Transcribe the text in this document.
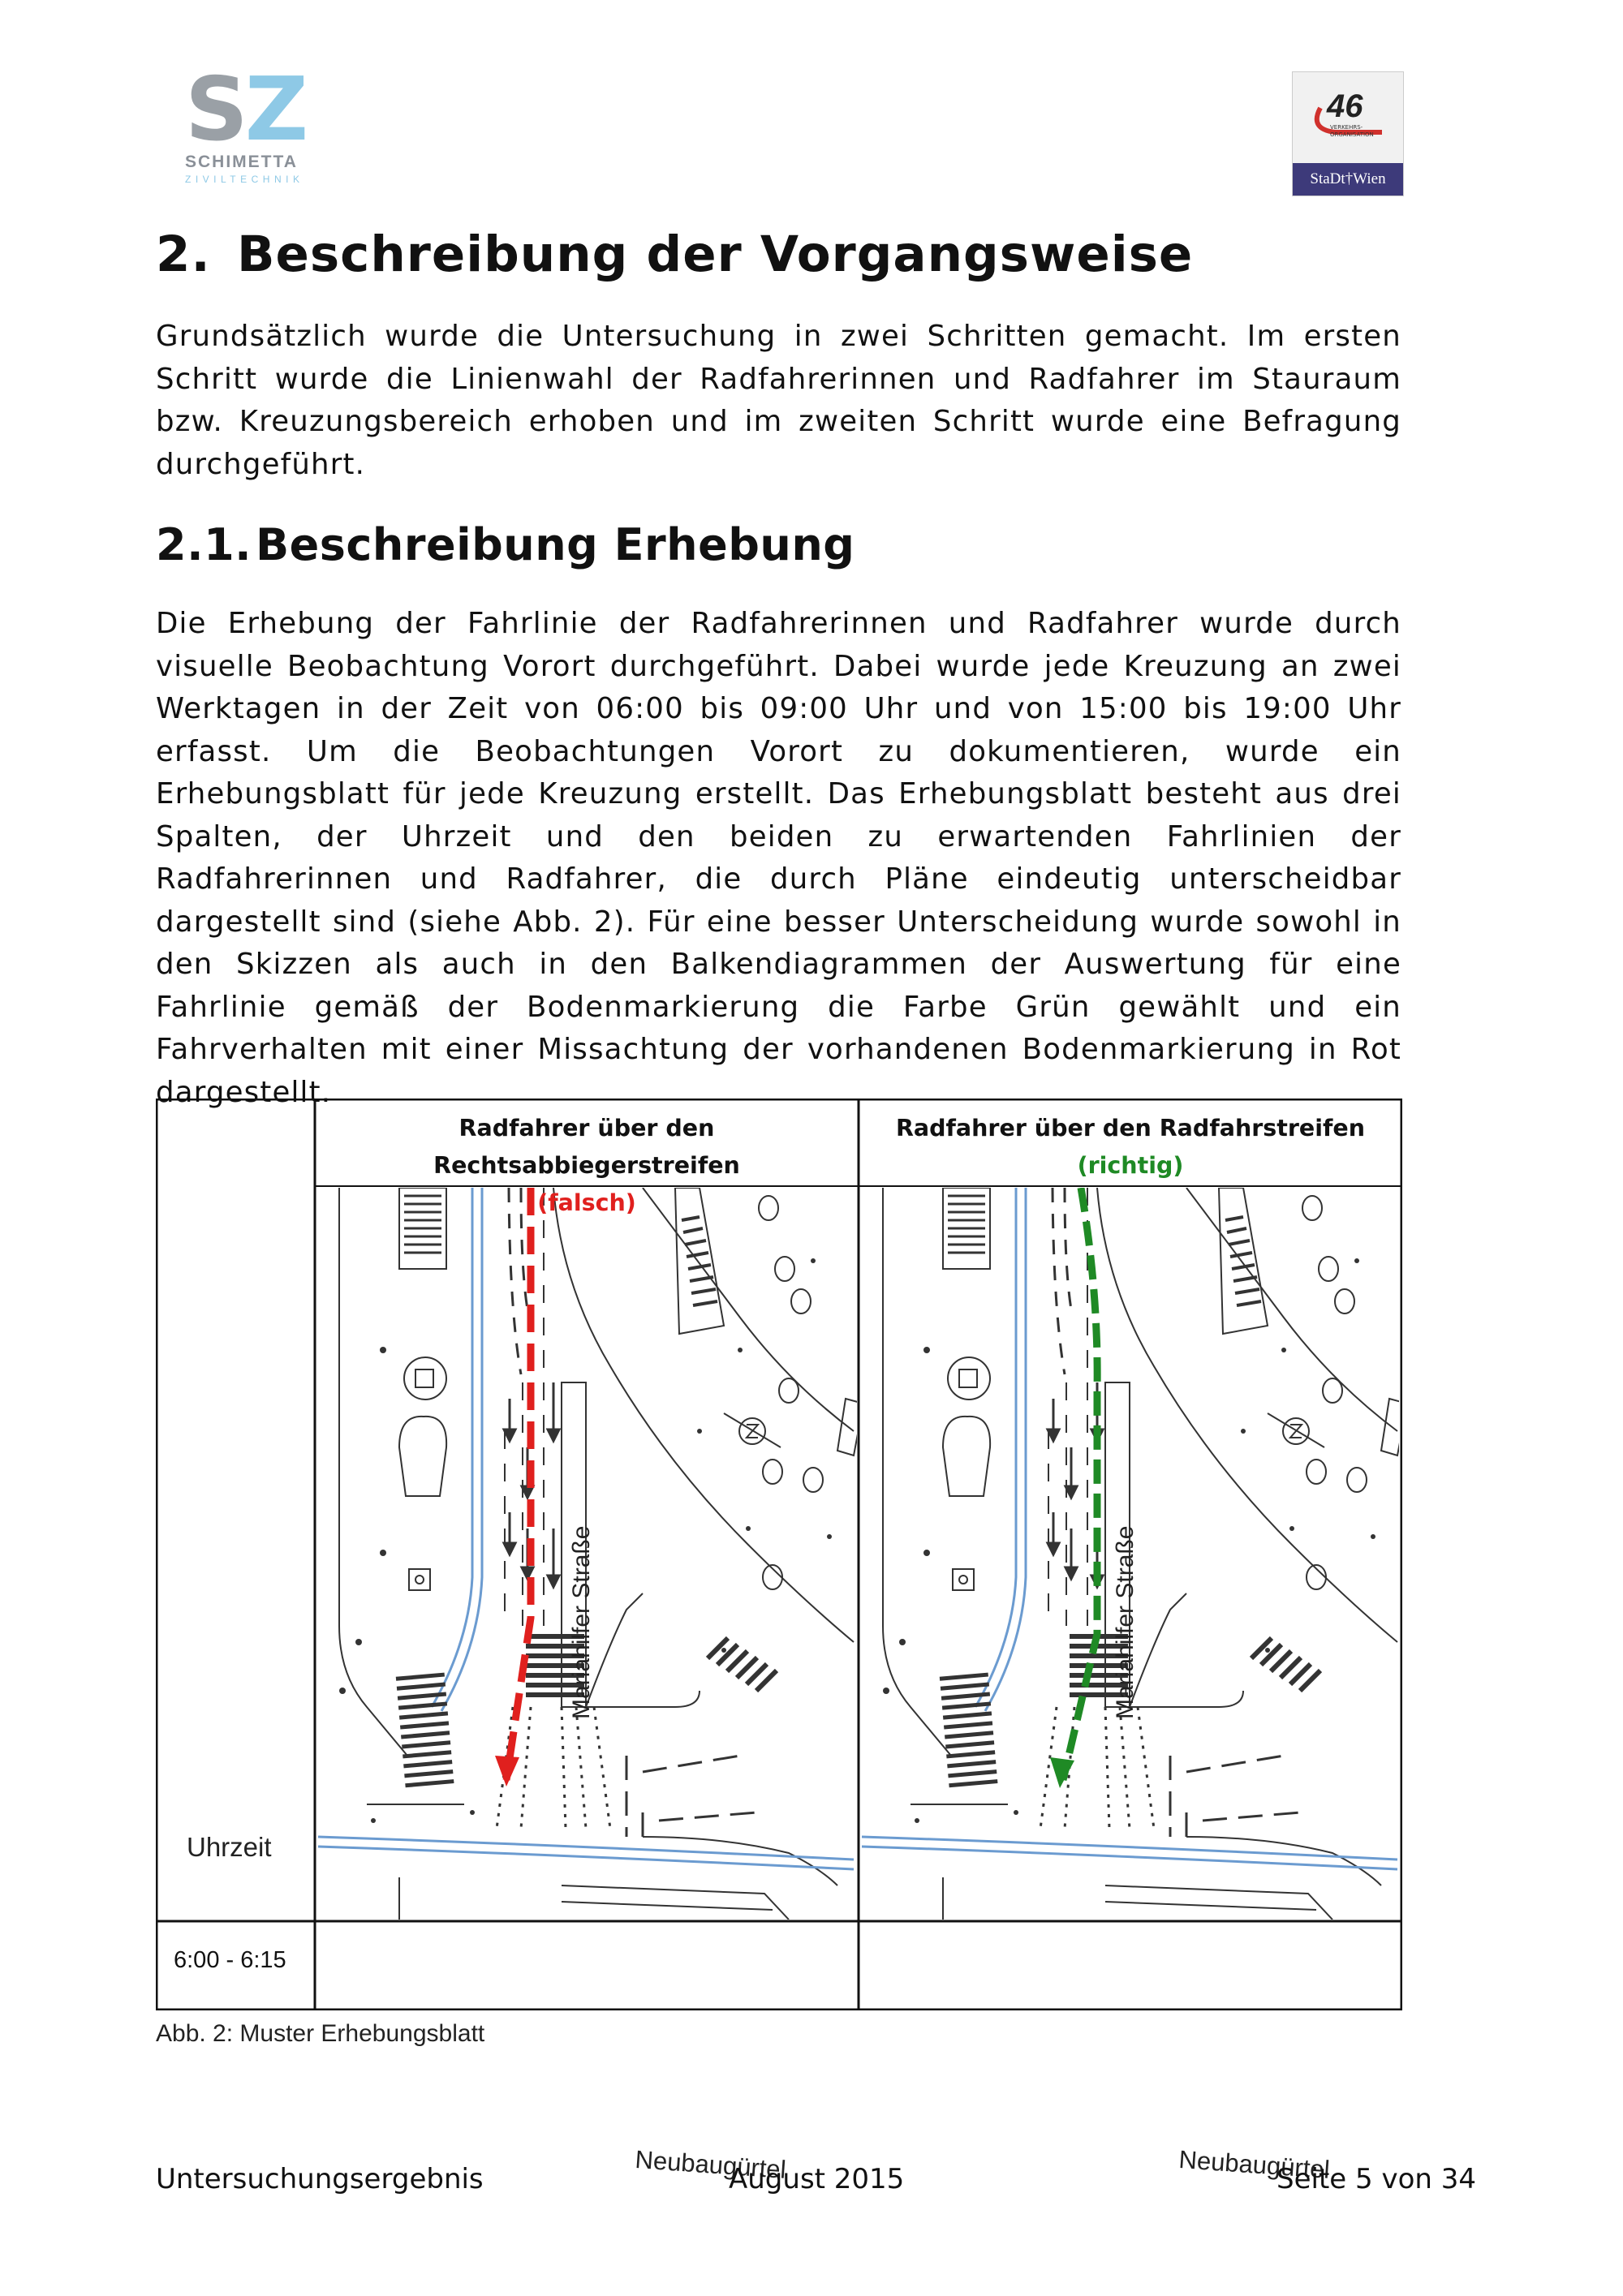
SZ
SCHIMETTA
ZIVILTECHNIK
46
VERKEHRS-ORGANISATION
StaDt†Wien
2. Beschreibung der Vorgangsweise

Grundsätzlich wurde die Untersuchung in zwei Schritten gemacht. Im ersten Schritt wurde die Linienwahl der Radfahrerinnen und Radfahrer im Stauraum bzw. Kreuzungsbereich erhoben und im zweiten Schritt wurde eine Befragung durchgeführt.

2.1.Beschreibung Erhebung

Die Erhebung der Fahrlinie der Radfahrerinnen und Radfahrer wurde durch visuelle Beobachtung Vorort durchgeführt. Dabei wurde jede Kreuzung an zwei Werktagen in der Zeit von 06:00 bis 09:00 Uhr und von 15:00 bis 19:00 Uhr erfasst. Um die Beobachtungen Vorort zu dokumentieren, wurde ein Erhebungsblatt für jede Kreuzung erstellt. Das Erhebungsblatt besteht aus drei Spalten, der Uhrzeit und den beiden zu erwartenden Fahrlinien der Radfahrerinnen und Radfahrer, die durch Pläne eindeutig unterscheidbar dargestellt sind (siehe Abb. 2). Für eine besser Unterscheidung wurde sowohl in den Skizzen als auch in den Balkendiagrammen der Auswertung für eine Fahrlinie gemäß der Bodenmarkierung die Farbe Grün gewählt und ein Fahrverhalten mit einer Missachtung der vorhandenen Bodenmarkierung in Rot dargestellt.

Radfahrer über den Rechtsabbiegerstreifen
(falsch)
Radfahrer über den Radfahrstreifen
(richtig)
Mariahilfer Straße
Neubaugürtel
Mariahilfer Straße
Neubaugürtel
Uhrzeit
6:00 - 6:15
Abb. 2: Muster Erhebungsblatt
Untersuchungsergebnis	August 2015	Seite 5 von 34
